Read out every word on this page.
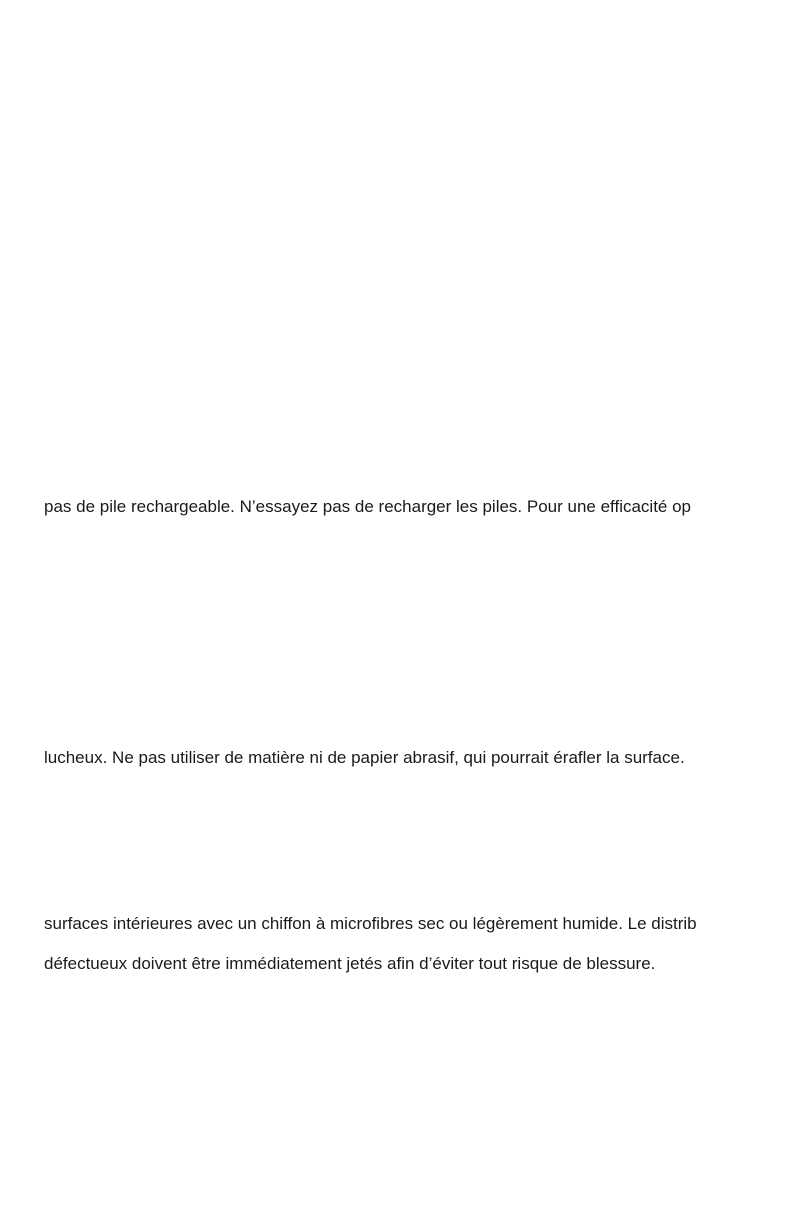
pas de pile rechargeable. N’essayez pas de recharger les piles. Pour une efficacité op
lucheux. Ne pas utiliser de matière ni de papier abrasif, qui pourrait érafler la surface.
surfaces intérieures avec un chiffon à microfibres sec ou légèrement humide. Le distrib
défectueux doivent être immédiatement jetés afin d’éviter tout risque de blessure.
